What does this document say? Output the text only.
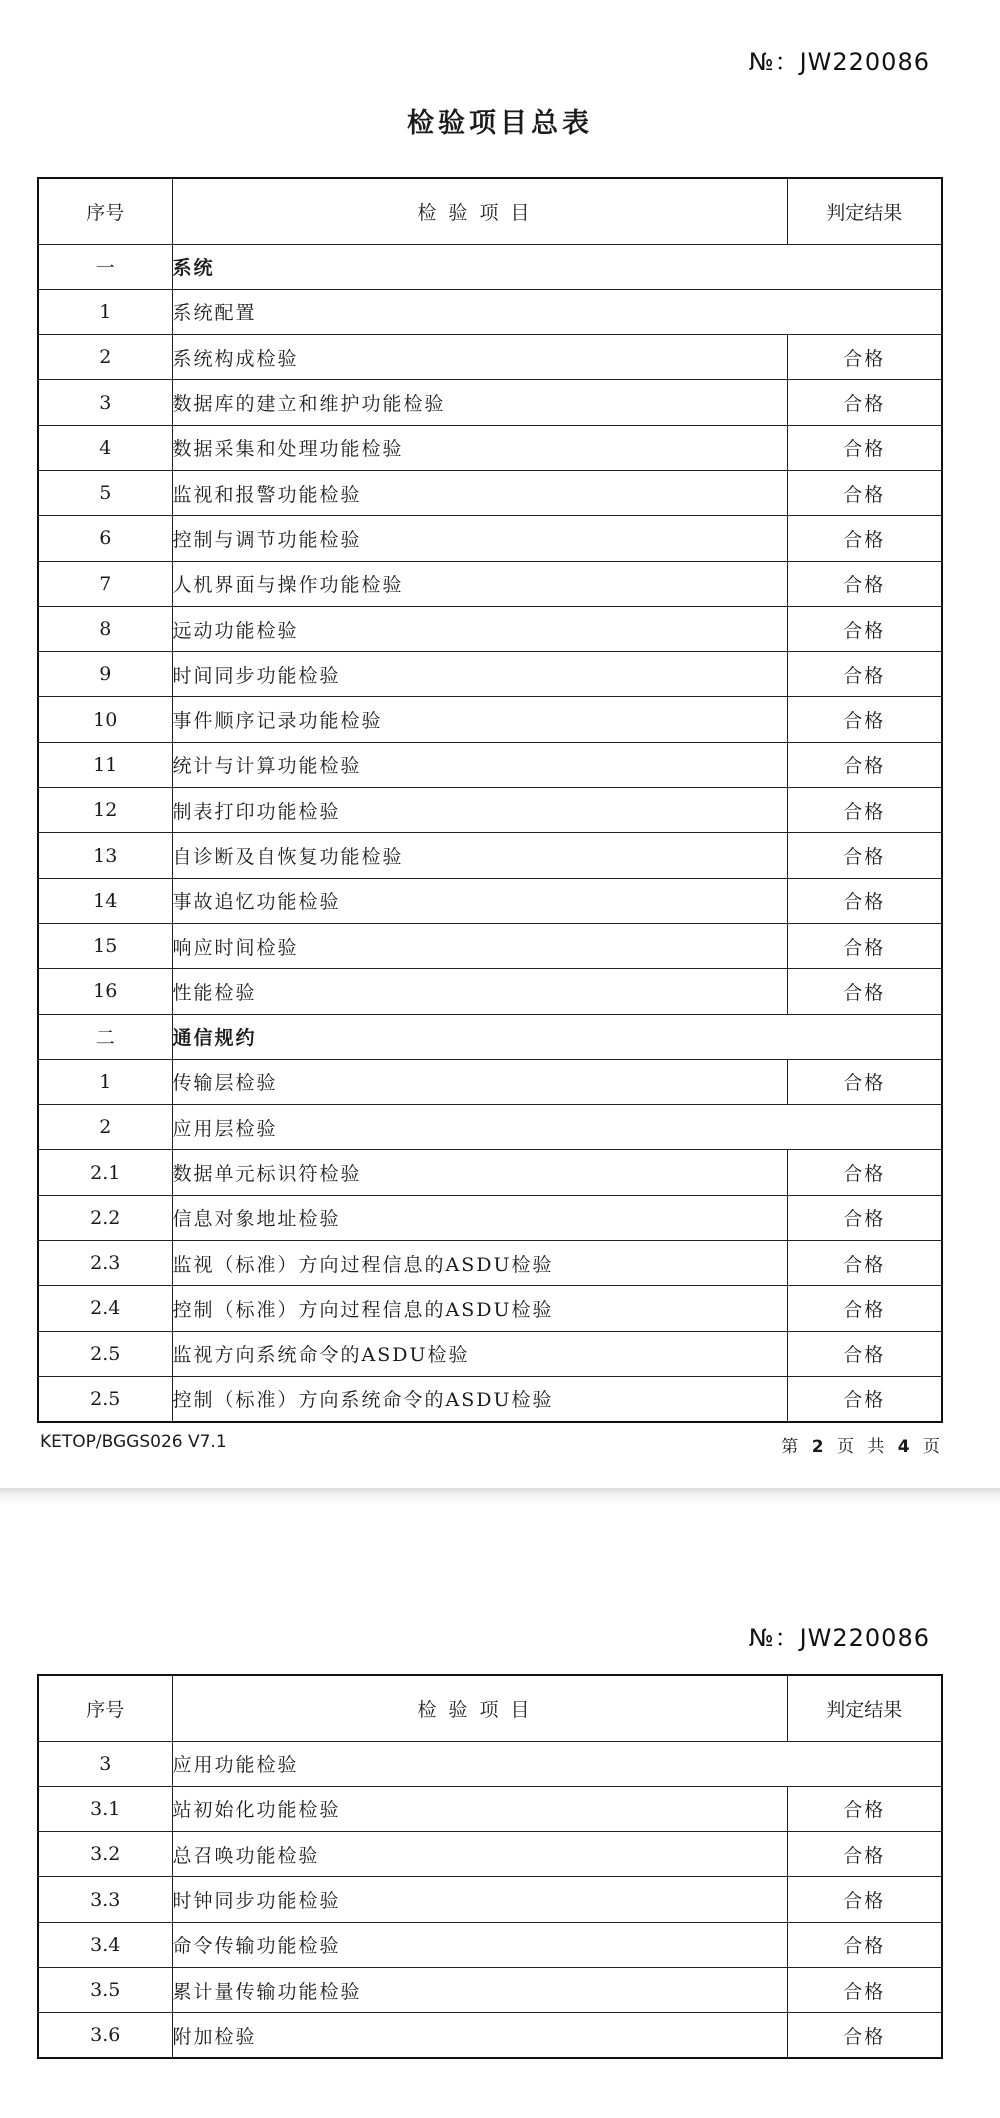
№：JW220086
检验项目总表
序号	检验项目	判定结果
一	系统	
1	系统配置	
2	系统构成检验	合格
3	数据库的建立和维护功能检验	合格
4	数据采集和处理功能检验	合格
5	监视和报警功能检验	合格
6	控制与调节功能检验	合格
7	人机界面与操作功能检验	合格
8	远动功能检验	合格
9	时间同步功能检验	合格
10	事件顺序记录功能检验	合格
11	统计与计算功能检验	合格
12	制表打印功能检验	合格
13	自诊断及自恢复功能检验	合格
14	事故追忆功能检验	合格
15	响应时间检验	合格
16	性能检验	合格
二	通信规约	
1	传输层检验	合格
2	应用层检验	
2.1	数据单元标识符检验	合格
2.2	信息对象地址检验	合格
2.3	监视（标准）方向过程信息的ASDU检验	合格
2.4	控制（标准）方向过程信息的ASDU检验	合格
2.5	监视方向系统命令的ASDU检验	合格
2.5	控制（标准）方向系统命令的ASDU检验	合格
KETOP/BGGS026 V7.1	第 2 页 共 4 页
№：JW220086
序号	检验项目	判定结果
3	应用功能检验	
3.1	站初始化功能检验	合格
3.2	总召唤功能检验	合格
3.3	时钟同步功能检验	合格
3.4	命令传输功能检验	合格
3.5	累计量传输功能检验	合格
3.6	附加检验	合格
